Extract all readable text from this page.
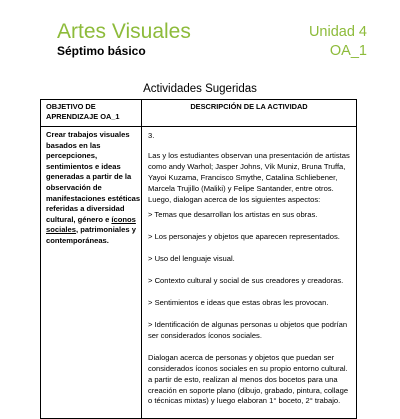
Artes Visuales	Unidad 4
Séptimo básico	OA_1
Actividades Sugeridas
OBJETIVO DE APRENDIZAJE OA_1
DESCRIPCIÓN DE LA ACTIVIDAD
Crear trabajos visuales basados en las percepciones, sentimientos e ideas generadas a partir de la observación de manifestaciones estéticas referidas a diversidad cultural, género e íconos sociales, patrimoniales y contemporáneas.

3.

Las y los estudiantes observan una presentación de artistas como andy Warhol; Jasper Johns, Vik Muniz, Bruna Truffa, Yayoi Kuzama, Francisco Smythe, Catalina Schliebener, Marcela Trujillo (Maliki) y Felipe Santander, entre otros. Luego, dialogan acerca de los siguientes aspectos:

> Temas que desarrollan los artistas en sus obras.

> Los personajes y objetos que aparecen representados.

> Uso del lenguaje visual.

> Contexto cultural y social de sus creadores y creadoras.

> Sentimientos e ideas que estas obras les provocan.

> Identificación de algunas personas u objetos que podrían ser considerados íconos sociales.

Dialogan acerca de personas y objetos que puedan ser considerados íconos sociales en su propio entorno cultural. a partir de esto, realizan al menos dos bocetos para una creación en soporte plano (dibujo, grabado, pintura, collage o técnicas mixtas) y luego elaboran 1° boceto, 2° trabajo.
